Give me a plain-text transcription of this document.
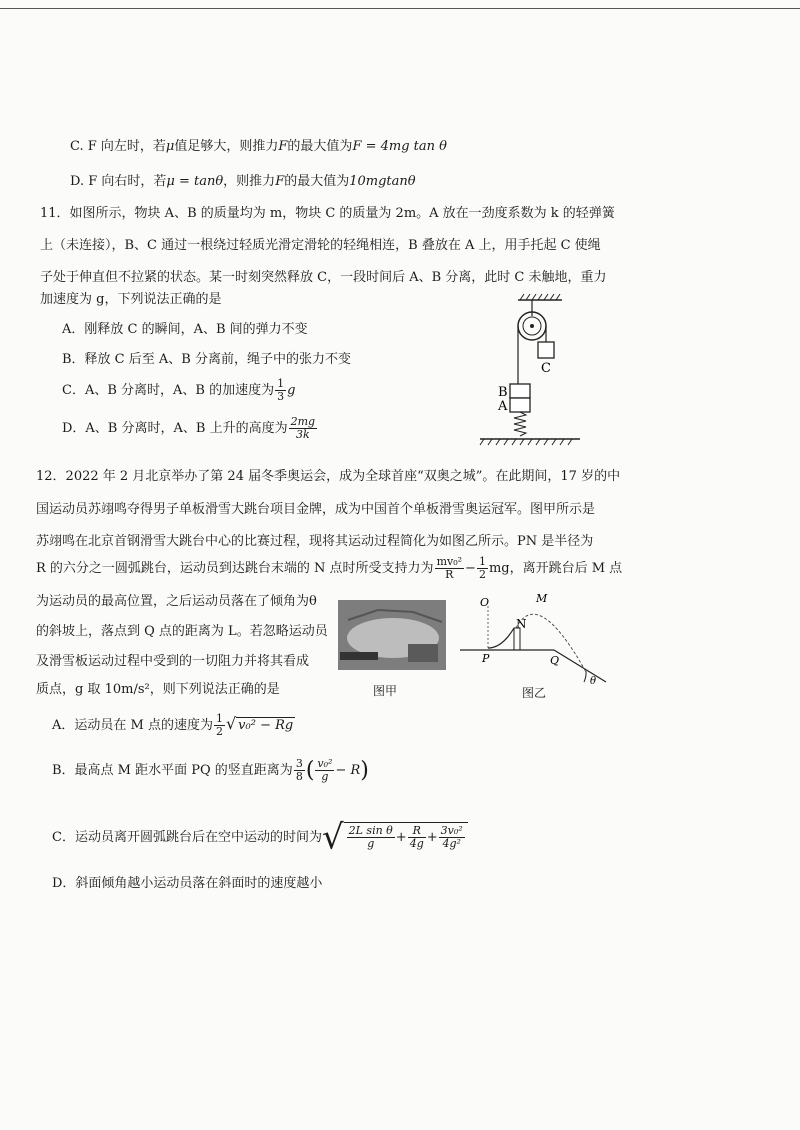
C. F 向左时，若μ值足够大，则推力F的最大值为F = 4mg tan θ
D. F 向右时，若μ = tanθ，则推力F的最大值为10mgtanθ
11．如图所示，物块 A、B 的质量均为 m，物块 C 的质量为 2m。A 放在一劲度系数为 k 的轻弹簧
上（未连接），B、C 通过一根绕过轻质光滑定滑轮的轻绳相连，B 叠放在 A 上，用手托起 C 使绳
子处于伸直但不拉紧的状态。某一时刻突然释放 C，一段时间后 A、B 分离，此时 C 未触地，重力
加速度为 g，下列说法正确的是
A．刚释放 C 的瞬间，A、B 间的弹力不变
B．释放 C 后至 A、B 分离前，绳子中的张力不变
C．A、B 分离时，A、B 的加速度为 $\frac{1}{3}$ g
D．A、B 分离时，A、B 上升的高度为 $\frac{2mg}{3k}$
C
B
A
12．2022 年 2 月北京举办了第 24 届冬季奥运会，成为全球首座“双奥之城”。在此期间，17 岁的中
国运动员苏翊鸣夺得男子单板滑雪大跳台项目金牌，成为中国首个单板滑雪奥运冠军。图甲所示是
苏翊鸣在北京首钢滑雪大跳台中心的比赛过程，现将其运动过程简化为如图乙所示。PN 是半径为
R 的六分之一圆弧跳台，运动员到达跳台末端的 N 点时所受支持力为 $\frac{\text{mv₀²}}{R} - \frac{1}{2}$ mg，离开跳台后 M 点
为运动员的最高位置，之后运动员落在了倾角为θ
的斜坡上，落点到 Q 点的距离为 L。若忽略运动员
及滑雪板运动过程中受到的一切阻力并将其看成
质点，g 取 10m/s²，则下列说法正确的是	图甲
O	M
N
P	Q
θ
图乙
A．运动员在 M 点的速度为 $\frac{1}{2}$ √ v₀² − Rg
B．最高点 M 距水平面 PQ 的竖直距离为 $\frac{3}{8}$ ( $\frac{\text{v₀²}}{g} - R$)
C．运动员离开圆弧跳台后在空中运动的时间为√ $\frac{\text{2L sin θ}}{g} + \frac{R}{4g} + \frac{\text{3v₀²}}{\text{4g²}}$
D．斜面倾角越小运动员落在斜面时的速度越小
